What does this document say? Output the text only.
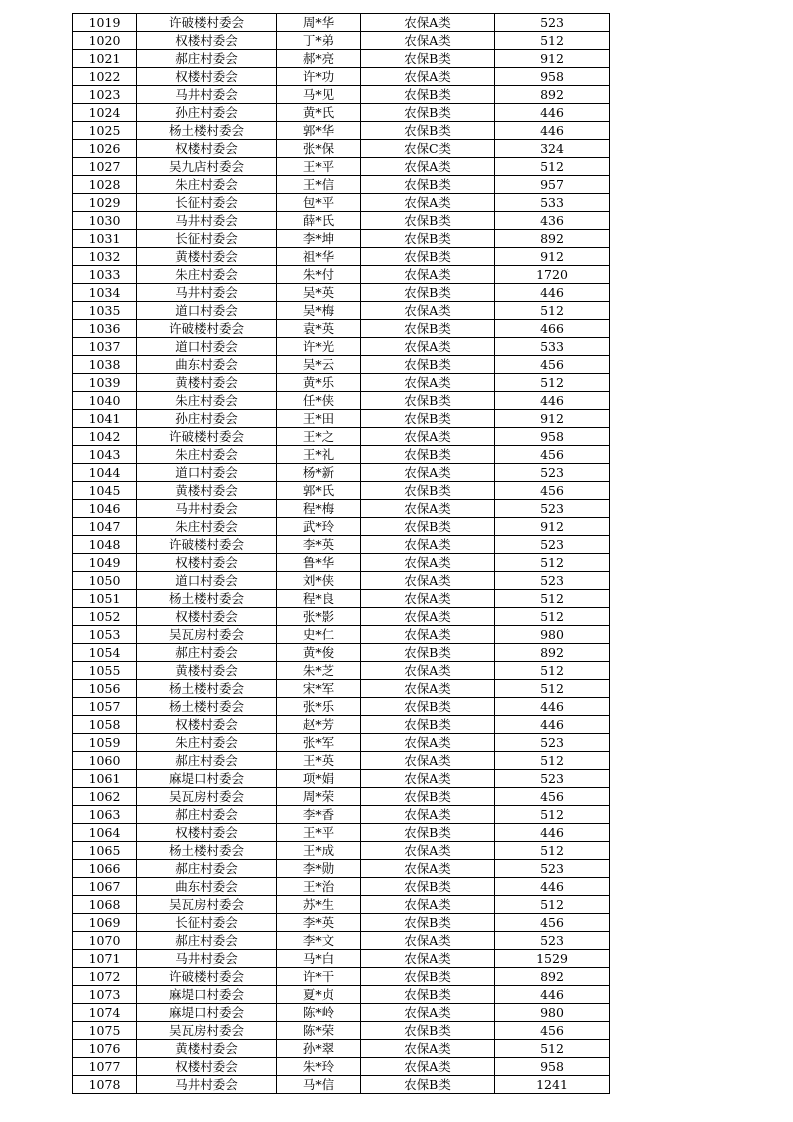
1019	许破楼村委会	周*华	农保A类	523
1020	权楼村委会	丁*弟	农保A类	512
1021	郝庄村委会	郝*亮	农保B类	912
1022	权楼村委会	许*功	农保A类	958
1023	马井村委会	马*见	农保B类	892
1024	孙庄村委会	黄*氏	农保B类	446
1025	杨土楼村委会	郭*华	农保B类	446
1026	权楼村委会	张*保	农保C类	324
1027	吴九店村委会	王*平	农保A类	512
1028	朱庄村委会	王*信	农保B类	957
1029	长征村委会	包*平	农保A类	533
1030	马井村委会	薛*氏	农保B类	436
1031	长征村委会	李*坤	农保B类	892
1032	黄楼村委会	祖*华	农保B类	912
1033	朱庄村委会	朱*付	农保A类	1720
1034	马井村委会	吴*英	农保B类	446
1035	道口村委会	吴*梅	农保A类	512
1036	许破楼村委会	袁*英	农保B类	466
1037	道口村委会	许*光	农保A类	533
1038	曲东村委会	吴*云	农保B类	456
1039	黄楼村委会	黄*乐	农保A类	512
1040	朱庄村委会	任*侠	农保B类	446
1041	孙庄村委会	王*田	农保B类	912
1042	许破楼村委会	王*之	农保A类	958
1043	朱庄村委会	王*礼	农保B类	456
1044	道口村委会	杨*新	农保A类	523
1045	黄楼村委会	郭*氏	农保B类	456
1046	马井村委会	程*梅	农保A类	523
1047	朱庄村委会	武*玲	农保B类	912
1048	许破楼村委会	李*英	农保A类	523
1049	权楼村委会	鲁*华	农保A类	512
1050	道口村委会	刘*侠	农保A类	523
1051	杨土楼村委会	程*良	农保A类	512
1052	权楼村委会	张*影	农保A类	512
1053	吴瓦房村委会	史*仁	农保A类	980
1054	郝庄村委会	黄*俊	农保B类	892
1055	黄楼村委会	朱*芝	农保A类	512
1056	杨土楼村委会	宋*军	农保A类	512
1057	杨土楼村委会	张*乐	农保B类	446
1058	权楼村委会	赵*芳	农保B类	446
1059	朱庄村委会	张*军	农保A类	523
1060	郝庄村委会	王*英	农保A类	512
1061	麻堤口村委会	项*娟	农保A类	523
1062	吴瓦房村委会	周*荣	农保B类	456
1063	郝庄村委会	李*香	农保A类	512
1064	权楼村委会	王*平	农保B类	446
1065	杨土楼村委会	王*成	农保A类	512
1066	郝庄村委会	李*勋	农保A类	523
1067	曲东村委会	王*治	农保B类	446
1068	吴瓦房村委会	苏*生	农保A类	512
1069	长征村委会	李*英	农保B类	456
1070	郝庄村委会	李*文	农保A类	523
1071	马井村委会	马*白	农保A类	1529
1072	许破楼村委会	许*干	农保B类	892
1073	麻堤口村委会	夏*贞	农保B类	446
1074	麻堤口村委会	陈*岭	农保A类	980
1075	吴瓦房村委会	陈*荣	农保B类	456
1076	黄楼村委会	孙*翠	农保A类	512
1077	权楼村委会	朱*玲	农保A类	958
1078	马井村委会	马*信	农保B类	1241
